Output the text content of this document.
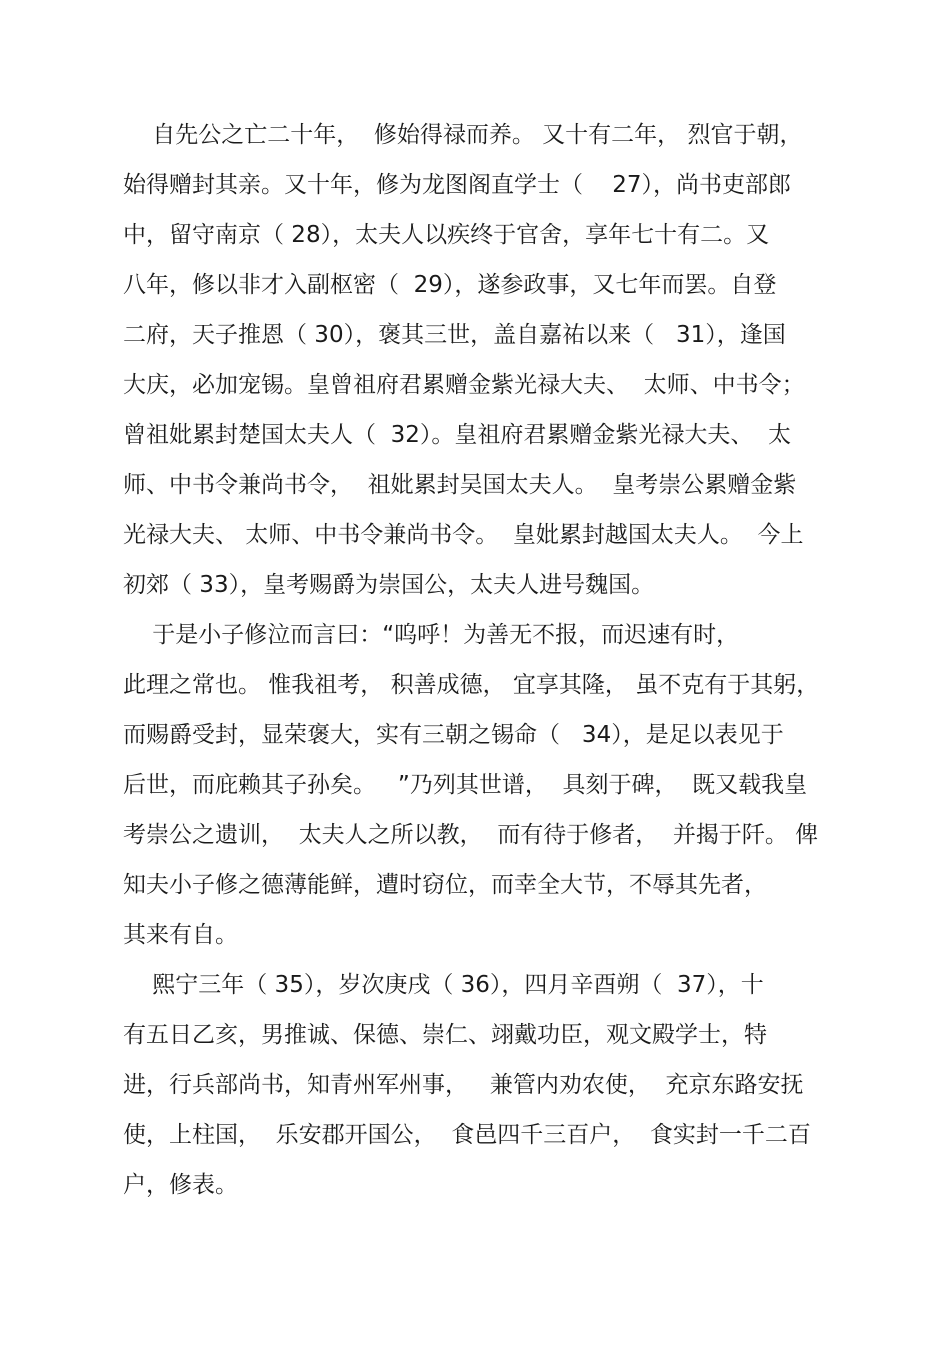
自先公之亡二十年，  修始得禄而养。 又十有二年， 烈官于朝，
始得赠封其亲。又十年，修为龙图阁直学士（    27），尚书吏部郎
中，留守南京（ 28），太夫人以疾终于官舍，享年七十有二。又
八年，修以非才入副枢密（  29），遂参政事，又七年而罢。自登
二府，天子推恩（ 30），褒其三世，盖自嘉祐以来（   31），逢国
大庆，必加宠锡。皇曾祖府君累赠金紫光禄大夫、  太师、中书令；
曾祖妣累封楚国太夫人（  32）。皇祖府君累赠金紫光禄大夫、  太
师、中书令兼尚书令，  祖妣累封吴国太夫人。  皇考崇公累赠金紫
光禄大夫、 太师、中书令兼尚书令。  皇妣累封越国太夫人。  今上
初郊（ 33），皇考赐爵为崇国公，太夫人进号魏国。
于是小子修泣而言曰：“呜呼！为善无不报，而迟速有时，
此理之常也。 惟我祖考， 积善成德， 宜享其隆， 虽不克有于其躬，
而赐爵受封，显荣褒大，实有三朝之锡命（   34），是足以表见于
后世，而庇赖其子孙矣。   ”乃列其世谱，  具刻于碑，  既又载我皇
考崇公之遗训，  太夫人之所以教，  而有待于修者，  并揭于阡。 俾
知夫小子修之德薄能鲜，遭时窃位，而幸全大节，不辱其先者，
其来有自。
熙宁三年（ 35），岁次庚戌（ 36），四月辛酉朔（  37），十
有五日乙亥，男推诚、保德、崇仁、翊戴功臣，观文殿学士，特
进，行兵部尚书，知青州军州事，   兼管内劝农使，  充京东路安抚
使，上柱国，  乐安郡开国公，  食邑四千三百户，  食实封一千二百
户，修表。
